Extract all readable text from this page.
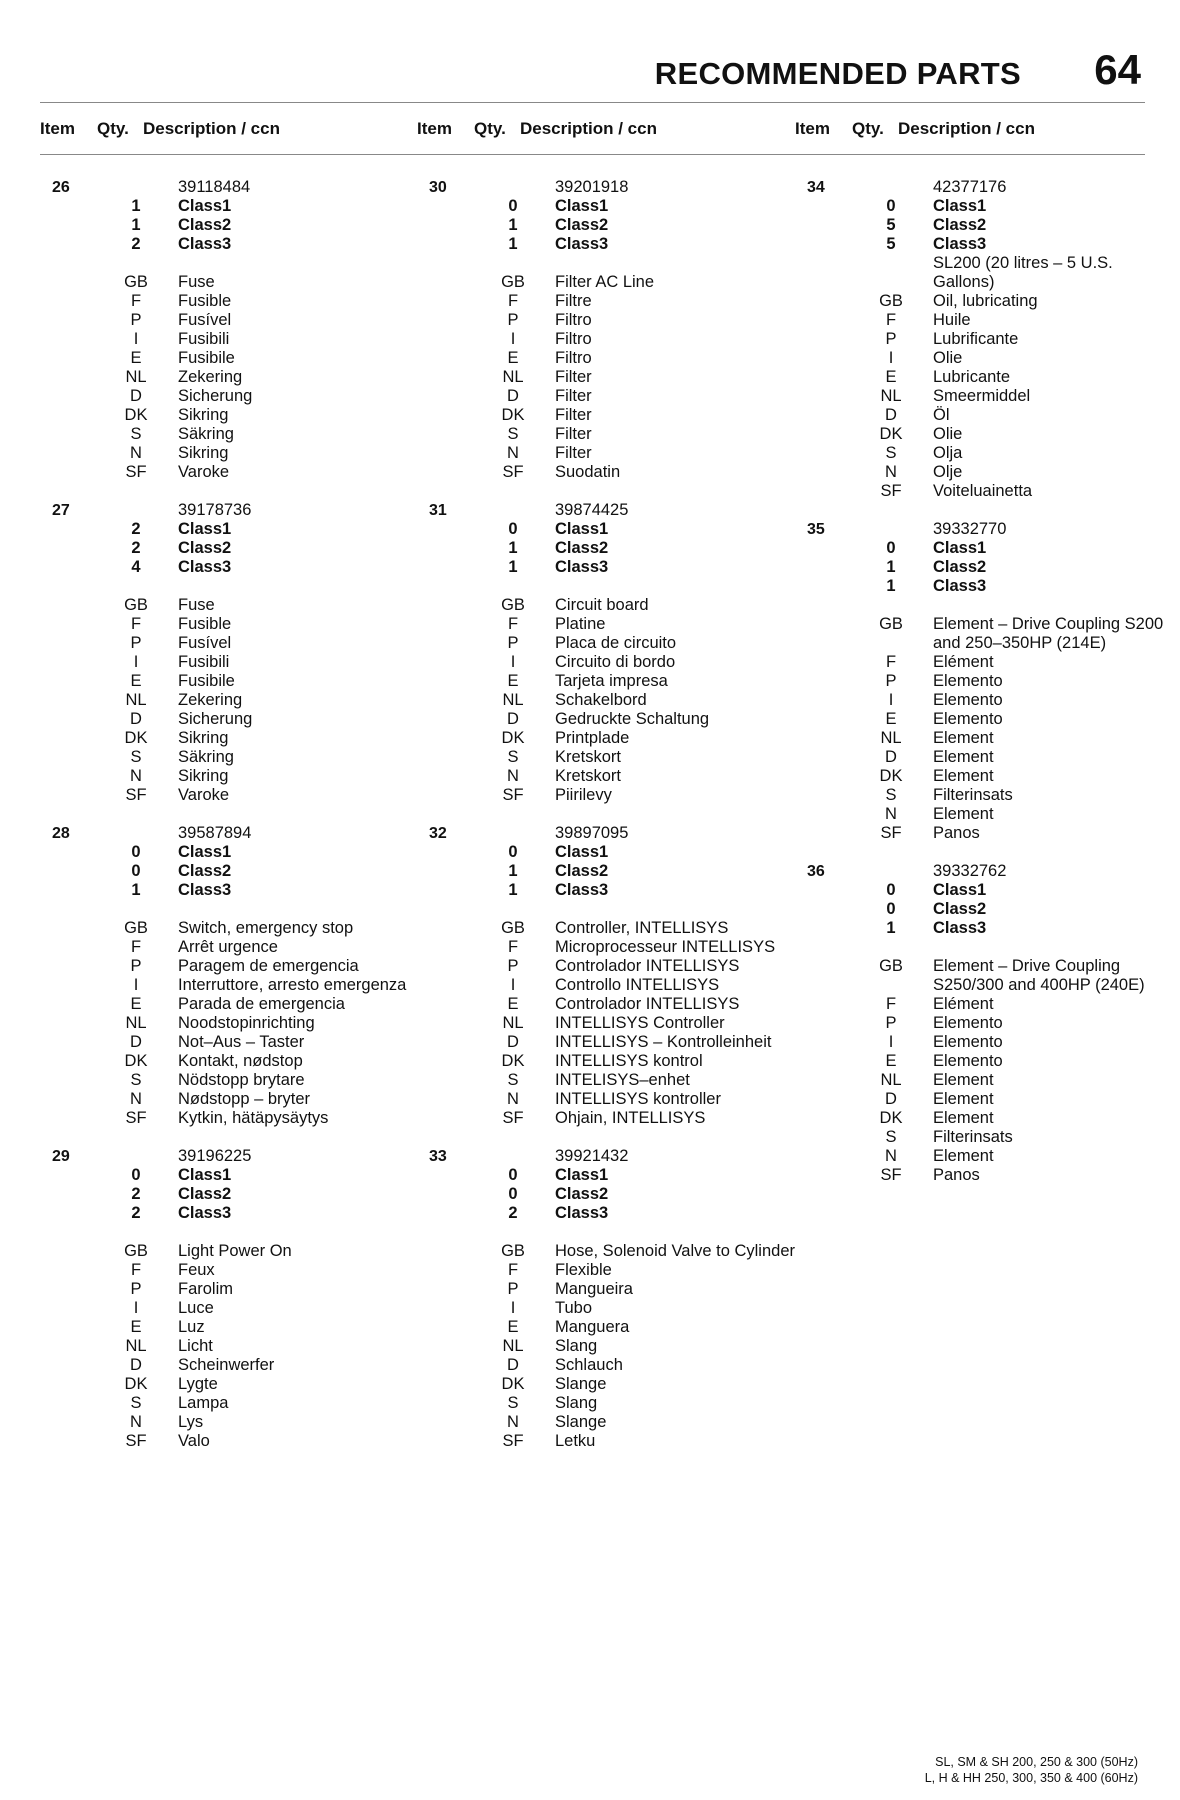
RECOMMENDED PARTS 64
Item Qty. Description / ccn	Item Qty. Description / ccn	Item Qty. Description / ccn
26	39118484
1	Class1
1	Class2
2	Class3
GB	Fuse
F	Fusible
P	Fusível
I	Fusibili
E	Fusibile
NL	Zekering
D	Sicherung
DK	Sikring
S	Säkring
N	Sikring
SF	Varoke
27	39178736
2	Class1
2	Class2
4	Class3
GB	Fuse
F	Fusible
P	Fusível
I	Fusibili
E	Fusibile
NL	Zekering
D	Sicherung
DK	Sikring
S	Säkring
N	Sikring
SF	Varoke
28	39587894
0	Class1
0	Class2
1	Class3
GB	Switch, emergency stop
F	Arrêt urgence
P	Paragem de emergencia
I	Interruttore, arresto emergenza
E	Parada de emergencia
NL	Noodstopinrichting
D	Not–Aus – Taster
DK	Kontakt, nødstop
S	Nödstopp brytare
N	Nødstopp – bryter
SF	Kytkin, hätäpysäytys
29	39196225
0	Class1
2	Class2
2	Class3
GB	Light Power On
F	Feux
P	Farolim
I	Luce
E	Luz
NL	Licht
D	Scheinwerfer
DK	Lygte
S	Lampa
N	Lys
SF	Valo
30	39201918
0	Class1
1	Class2
1	Class3
GB	Filter AC Line
F	Filtre
P	Filtro
I	Filtro
E	Filtro
NL	Filter
D	Filter
DK	Filter
S	Filter
N	Filter
SF	Suodatin
31	39874425
0	Class1
1	Class2
1	Class3
GB	Circuit board
F	Platine
P	Placa de circuito
I	Circuito di bordo
E	Tarjeta impresa
NL	Schakelbord
D	Gedruckte Schaltung
DK	Printplade
S	Kretskort
N	Kretskort
SF	Piirilevy
32	39897095
0	Class1
1	Class2
1	Class3
GB	Controller, INTELLISYS
F	Microprocesseur INTELLISYS
P	Controlador INTELLISYS
I	Controllo INTELLISYS
E	Controlador INTELLISYS
NL	INTELLISYS Controller
D	INTELLISYS – Kontrolleinheit
DK	INTELLISYS kontrol
S	INTELISYS–enhet
N	INTELLISYS kontroller
SF	Ohjain, INTELLISYS
33	39921432
0	Class1
0	Class2
2	Class3
GB	Hose, Solenoid Valve to Cylinder
F	Flexible
P	Mangueira
I	Tubo
E	Manguera
NL	Slang
D	Schlauch
DK	Slange
S	Slang
N	Slange
SF	Letku
34	42377176
0	Class1
5	Class2
5	Class3
SL200 (20 litres – 5 U.S. Gallons)
GB	Oil, lubricating
F	Huile
P	Lubrificante
I	Olie
E	Lubricante
NL	Smeermiddel
D	Öl
DK	Olie
S	Olja
N	Olje
SF	Voiteluainetta
35	39332770
0	Class1
1	Class2
1	Class3
GB	Element – Drive Coupling S200 and 250–350HP (214E)
F	Elément
P	Elemento
I	Elemento
E	Elemento
NL	Element
D	Element
DK	Element
S	Filterinsats
N	Element
SF	Panos
36	39332762
0	Class1
0	Class2
1	Class3
GB	Element – Drive Coupling S250/300 and 400HP (240E)
F	Elément
P	Elemento
I	Elemento
E	Elemento
NL	Element
D	Element
DK	Element
S	Filterinsats
N	Element
SF	Panos
SL, SM & SH 200, 250 & 300 (50Hz)
L, H & HH 250, 300, 350 & 400 (60Hz)
